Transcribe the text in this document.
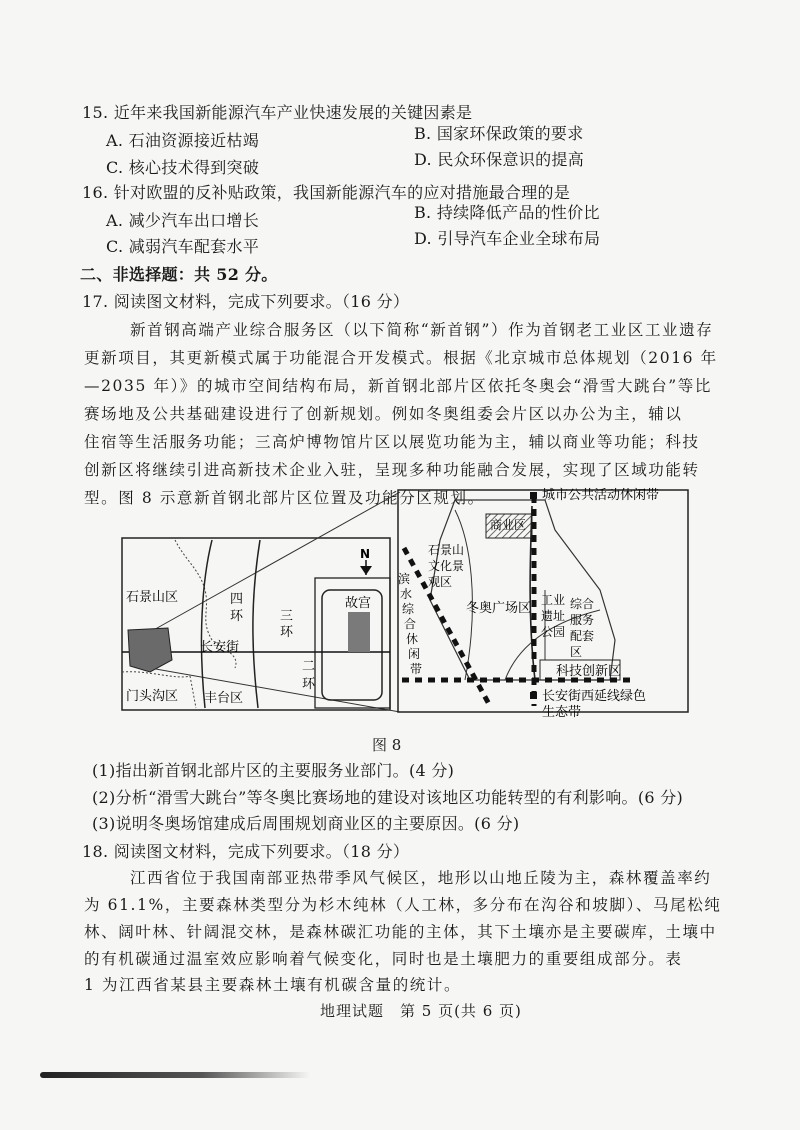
15. 近年来我国新能源汽车产业快速发展的关键因素是
A. 石油资源接近枯竭	B. 国家环保政策的要求
C. 核心技术得到突破	D. 民众环保意识的提高
16. 针对欧盟的反补贴政策，我国新能源汽车的应对措施最合理的是
A. 减少汽车出口增长	B. 持续降低产品的性价比
C. 减弱汽车配套水平	D. 引导汽车企业全球布局
二、非选择题：共 52 分。
17. 阅读图文材料，完成下列要求。（16 分）
新首钢高端产业综合服务区（以下简称“新首钢”）作为首钢老工业区工业遗存
更新项目，其更新模式属于功能混合开发模式。根据《北京城市总体规划（2016 年
—2035 年）》的城市空间结构布局，新首钢北部片区依托冬奥会“滑雪大跳台”等比
赛场地及公共基础建设进行了创新规划。例如冬奥组委会片区以办公为主，辅以
住宿等生活服务功能；三高炉博物馆片区以展览功能为主，辅以商业等功能；科技
创新区将继续引进高新技术企业入驻，呈现多种功能融合发展，实现了区域功能转
型。图 8 示意新首钢北部片区位置及功能分区规划。
石景山区
门头沟区 丰台区
长安街
故宫
四
环	三
环
二
环
N
城市公共活动休闲带
商业区
石景山
文化景
观区
滨
水
综
合
休
闲
带
冬奥广场区
工业
遗址
公园
综合
服务
配套
区
科技创新区
长安街西延线绿色
生态带
图 8
(1)指出新首钢北部片区的主要服务业部门。(4 分)
(2)分析“滑雪大跳台”等冬奥比赛场地的建设对该地区功能转型的有利影响。(6 分)
(3)说明冬奥场馆建成后周围规划商业区的主要原因。(6 分)
18. 阅读图文材料，完成下列要求。（18 分）
江西省位于我国南部亚热带季风气候区，地形以山地丘陵为主，森林覆盖率约
为 61.1%，主要森林类型分为杉木纯林（人工林，多分布在沟谷和坡脚）、马尾松纯
林、阔叶林、针阔混交林，是森林碳汇功能的主体，其下土壤亦是主要碳库，土壤中
的有机碳通过温室效应影响着气候变化，同时也是土壤肥力的重要组成部分。表
1 为江西省某县主要森林土壤有机碳含量的统计。
地理试题　第 5 页(共 6 页)
